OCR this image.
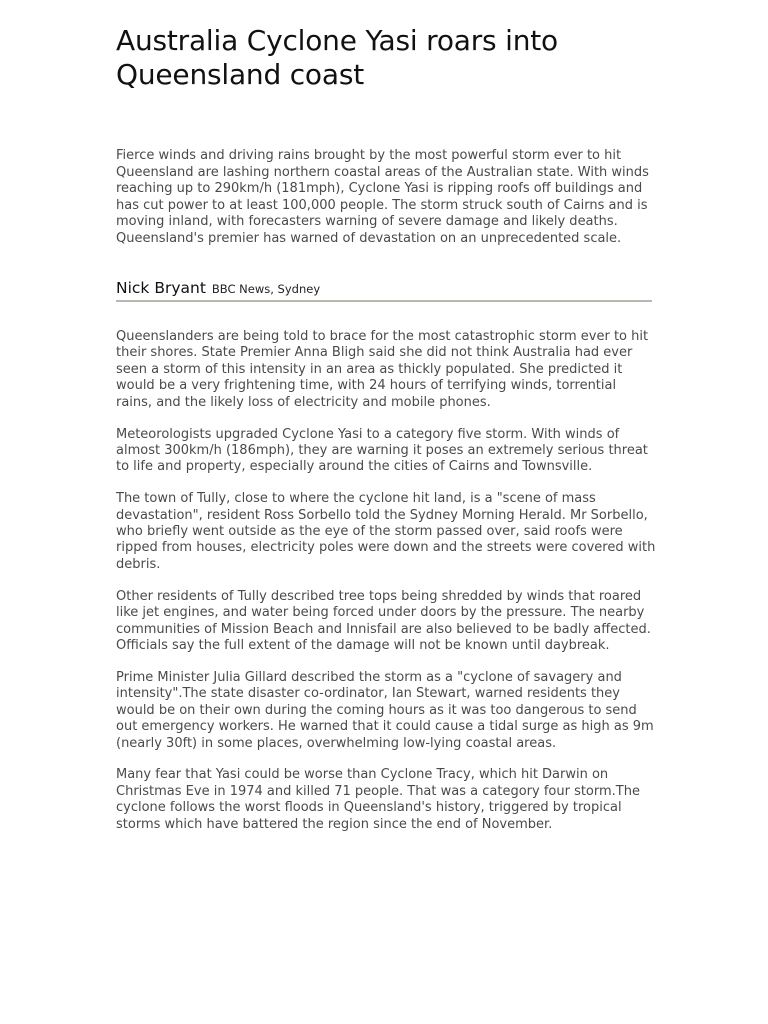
Australia Cyclone Yasi roars into Queensland coast

Fierce winds and driving rains brought by the most powerful storm ever to hit Queensland are lashing northern coastal areas of the Australian state. With winds reaching up to 290km/h (181mph), Cyclone Yasi is ripping roofs off buildings and has cut power to at least 100,000 people. The storm struck south of Cairns and is moving inland, with forecasters warning of severe damage and likely deaths. Queensland's premier has warned of devastation on an unprecedented scale.

Nick Bryant BBC News, Sydney

Queenslanders are being told to brace for the most catastrophic storm ever to hit their shores. State Premier Anna Bligh said she did not think Australia had ever seen a storm of this intensity in an area as thickly populated. She predicted it would be a very frightening time, with 24 hours of terrifying winds, torrential rains, and the likely loss of electricity and mobile phones.

Meteorologists upgraded Cyclone Yasi to a category five storm. With winds of almost 300km/h (186mph), they are warning it poses an extremely serious threat to life and property, especially around the cities of Cairns and Townsville.

The town of Tully, close to where the cyclone hit land, is a "scene of mass devastation", resident Ross Sorbello told the Sydney Morning Herald. Mr Sorbello, who briefly went outside as the eye of the storm passed over, said roofs were ripped from houses, electricity poles were down and the streets were covered with debris.

Other residents of Tully described tree tops being shredded by winds that roared like jet engines, and water being forced under doors by the pressure. The nearby communities of Mission Beach and Innisfail are also believed to be badly affected. Officials say the full extent of the damage will not be known until daybreak.

Prime Minister Julia Gillard described the storm as a "cyclone of savagery and intensity".The state disaster co-ordinator, Ian Stewart, warned residents they would be on their own during the coming hours as it was too dangerous to send out emergency workers. He warned that it could cause a tidal surge as high as 9m (nearly 30ft) in some places, overwhelming low-lying coastal areas.

Many fear that Yasi could be worse than Cyclone Tracy, which hit Darwin on Christmas Eve in 1974 and killed 71 people. That was a category four storm.The cyclone follows the worst floods in Queensland's history, triggered by tropical storms which have battered the region since the end of November.
